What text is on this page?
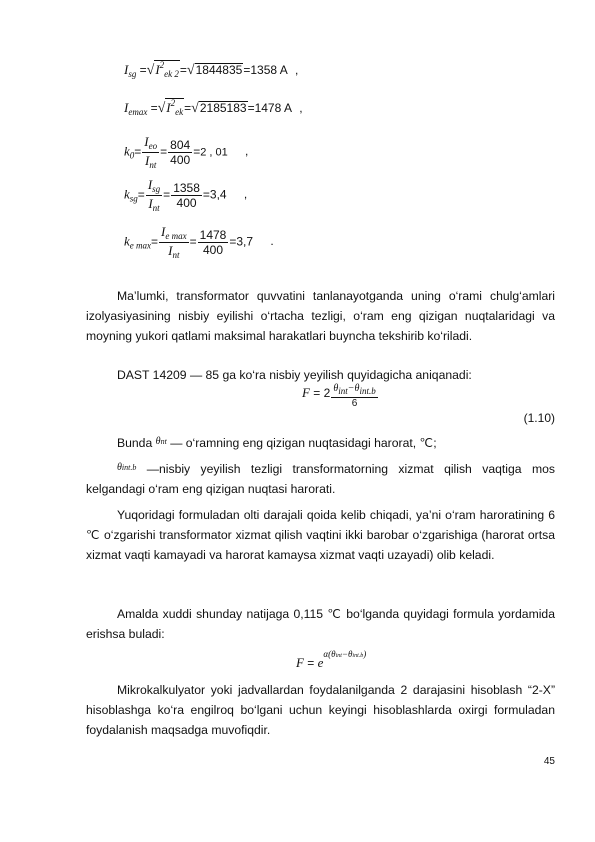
$I_{sg} =√I^2_{ek 2}=√1844835=1358$ A ,
$I_{emax} =√I^2_{ek}=√2185183=1478$ A ,
$k_0= \frac{I_{eo}}{I_{nt}} = \frac{804}{400} =2$ , 01 ,
$k_{sg}= \frac{I_{sg}}{I_{nt}} = \frac{1358}{400} =3,4$ ,
$k_{e max}= \frac{I_{e max}}{I_{nt}} = \frac{1478}{400} =3,7$ .
Ma’lumki, transformator quvvatini tanlanayotganda uning o‘rami chulg‘amlari izolyasiyasining nisbiy eyilishi o‘rtacha tezligi, o‘ram eng qizigan nuqtalaridagi va moyning yukori qatlami maksimal harakatlari buyncha tekshirib ko‘riladi.
DAST 14209 — 85 ga ko‘ra nisbiy yeyilish quyidagicha aniqanadi:
$F = 2 \frac{\text{θint−θint.b}}{6}$
(1.10)
Bunda $^{\theta nt}$ — o‘ramning eng qizigan nuqtasidagi harorat, ℃;
$^{\theta int.b}$ —nisbiy yeyilish tezligi transformatorning xizmat qilish vaqtiga mos kelgandagi o‘ram eng qizigan nuqtasi harorati.
Yuqoridagi formuladan olti darajali qoida kelib chiqadi, ya’ni o‘ram haroratining 6 ℃ o‘zgarishi transformator xizmat qilish vaqtini ikki barobar o‘zgarishiga (harorat ortsa xizmat vaqti kamayadi va harorat kamaysa xizmat vaqti uzayadi) olib keladi.
Amalda xuddi shunday natijaga 0,115 ℃ bo‘lganda quyidagi formula yordamida erishsa buladi:
$F = e^{\alpha(\theta int-\theta int.b)}$
Mikrokalkulyator yoki jadvallardan foydalanilganda 2 darajasini hisoblash “2-X” hisoblashga ko‘ra engilroq bo‘lgani uchun keyingi hisoblashlarda oxirgi formuladan foydalanish maqsadga muvofiqdir.
45
